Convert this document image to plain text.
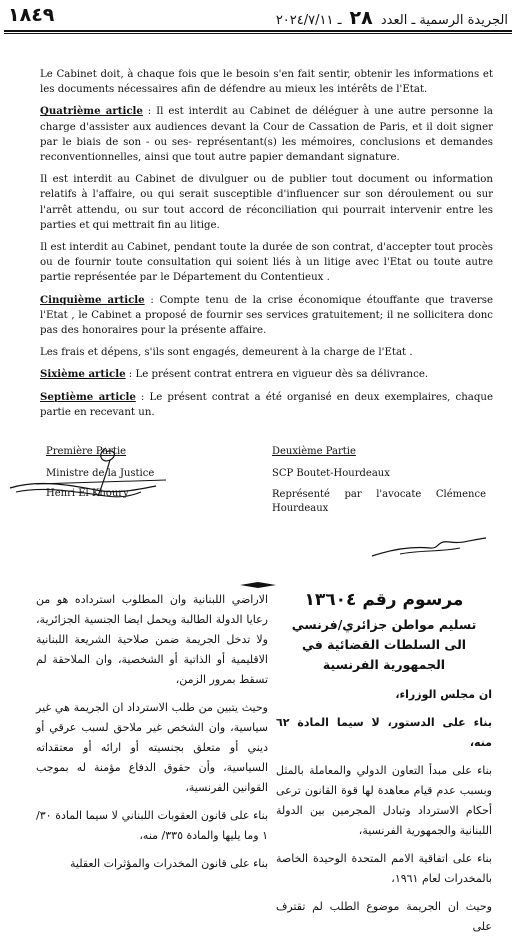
١٨٤٩	الجريدة الرسمية ـ العدد ٢٨ ـ ٢٠٢٤/٧/١١

Le Cabinet doit, à chaque fois que le besoin s'en fait sentir, obtenir les informations et les documents nécessaires afin de défendre au mieux les intérêts de l'Etat.

Quatrième article : Il est interdit au Cabinet de déléguer à une autre personne la charge d'assister aux audiences devant la Cour de Cassation de Paris, et il doit signer par le biais de son - ou ses- représentant(s) les mémoires, conclusions et demandes reconventionnelles, ainsi que tout autre papier demandant signature.

Il est interdit au Cabinet de divulguer ou de publier tout document ou information relatifs à l'affaire, ou qui serait susceptible d'influencer sur son déroulement ou sur l'arrêt attendu, ou sur tout accord de réconciliation qui pourrait intervenir entre les parties et qui mettrait fin au litige.

Il est interdit au Cabinet, pendant toute la durée de son contrat, d'accepter tout procès ou de fournir toute consultation qui soient liés à un litige avec l'Etat ou toute autre partie représentée par le Département du Contentieux .

Cinquième article : Compte tenu de la crise économique étouffante que traverse l'Etat , le Cabinet a proposé de fournir ses services gratuitement; il ne sollicitera donc pas des honoraires pour la présente affaire.

Les frais et dépens, s'ils sont engagés, demeurent à la charge de l'Etat .

Sixième article : Le présent contrat entrera en vigueur dès sa délivrance.

Septième article : Le présent contrat a été organisé en deux exemplaires, chaque partie en recevant un.

Première Partie
Ministre de la Justice
Henri El Khoury
Deuxième Partie
SCP Boutet-Hourdeaux
Représenté par l'avocate Clémence Hourdeaux

مرسوم رقم ١٣٦٠٤

تسليم مواطن جزائري/فرنسي

الى السلطات القضائية في الجمهورية الفرنسية

ان مجلس الوزراء،

بناء على الدستور، لا سيما المادة ٦٢ منه،

بناء على مبدأ التعاون الدولي والمعاملة بالمثل وبسبب عدم قيام معاهدة لها قوة القانون ترعى أحكام الاسترداد وتبادل المجرمين بين الدولة اللبنانية والجمهورية الفرنسية،

بناء على اتفاقية الامم المتحدة الوحيدة الخاصة بالمخدرات لعام ١٩٦١،

وحيث ان الجريمة موضوع الطلب لم تقترف على

الاراضي اللبنانية وان المطلوب استرداده هو من رعايا الدولة الطالبة ويحمل ايضا الجنسية الجزائرية، ولا تدخل الجريمة ضمن صلاحية الشريعة اللبنانية الاقليمية أو الذاتية أو الشخصية، وان الملاحقة لم تسقط بمرور الزمن،

وحيث يتبين من طلب الاسترداد ان الجريمة هي غير سياسية، وان الشخص غير ملاحق لسبب عرقي أو ديني أو متعلق بجنسيته أو ارائه أو معتقداته السياسية، وأن حقوق الدفاع مؤمنة له بموجب القوانين الفرنسية،

بناء على قانون العقوبات اللبناني لا سيما المادة ٣٠/ ١ وما يليها والمادة ٣٣٥/ منه،

بناء على قانون المخدرات والمؤثرات العقلية
